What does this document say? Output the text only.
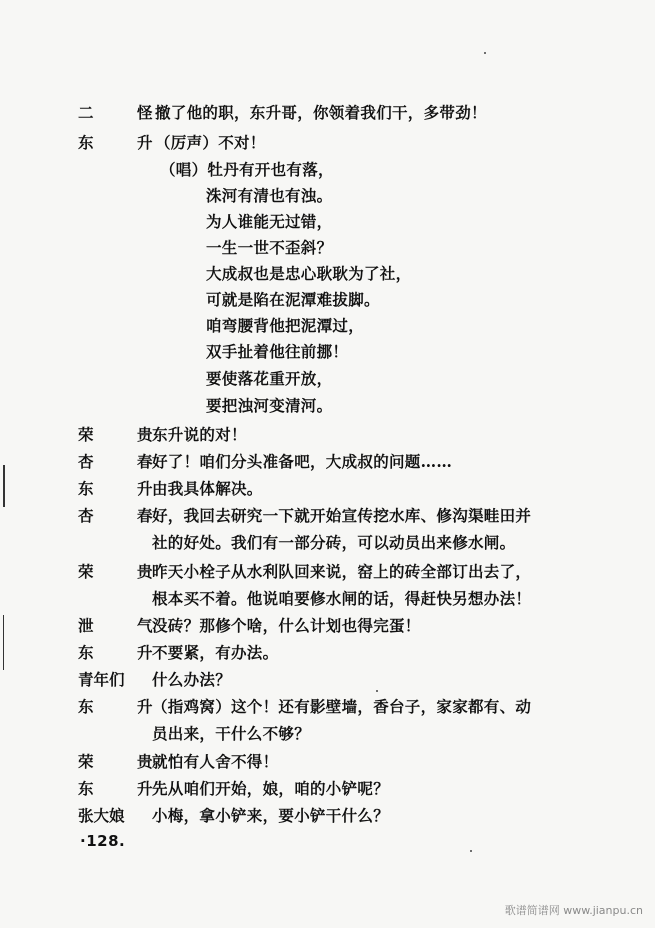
二　怪
撤了他的职，东升哥，你领着我们干，多带劲！
东　升
（厉声）不对！
（唱）牡丹有开也有落，
洙河有清也有浊。
为人谁能无过错，
一生一世不歪斜？
大成叔也是忠心耿耿为了社，
可就是陷在泥潭难拔脚。
咱弯腰背他把泥潭过，
双手扯着他往前挪！
要使落花重开放，
要把浊河变清河。
荣　贵
东升说的对！
杏　春
好了！咱们分头准备吧，大成叔的问题……
东　升
由我具体解决。
杏　春
好，我回去研究一下就开始宣传挖水库、修沟渠畦田并
社的好处。我们有一部分砖，可以动员出来修水闸。
荣　贵
昨天小栓子从水利队回来说，窑上的砖全部订出去了，
根本买不着。他说咱要修水闸的话，得赶快另想办法！
泄　气
没砖？那修个啥，什么计划也得完蛋！
东　升
不要紧，有办法。
青年们	什么办法？
东　升
（指鸡窝）这个！还有影壁墙，香台子，家家都有、动
员出来，干什么不够？
荣　贵
就怕有人舍不得！
东　升
先从咱们开始，娘，咱的小铲呢？
张大娘	小梅，拿小铲来，要小铲干什么？
·128.
歌谱简谱网 www.jianpu.cn
